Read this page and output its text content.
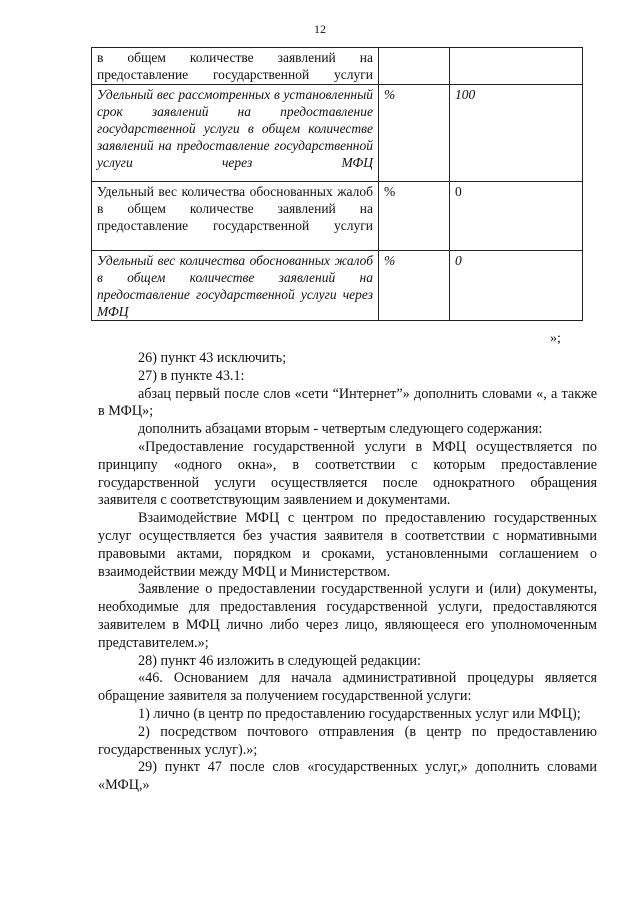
12
в общем количестве заявлений на предоставление государственной услуги		
Удельный вес рассмотренных в установленный срок заявлений на предоставление государственной услуги в общем количестве заявлений на предоставление государственной услуги через МФЦ	%	100
Удельный вес количества обоснованных жалоб в общем количестве заявлений на предоставление государственной услуги	%	0
Удельный вес количества обоснованных жалоб в общем количестве заявлений на предоставление государственной услуги через МФЦ	%	0
»;

26) пункт 43 исключить;

27) в пункте 43.1:

абзац первый после слов «сети “Интернет”» дополнить словами «, а также в МФЦ»;

дополнить абзацами вторым - четвертым следующего содержания:

«Предоставление государственной услуги в МФЦ осуществляется по принципу «одного окна», в соответствии с которым предоставление государственной услуги осуществляется после однократного обращения заявителя с соответствующим заявлением и документами.

Взаимодействие МФЦ с центром по предоставлению государственных услуг осуществляется без участия заявителя в соответствии с нормативными правовыми актами, порядком и сроками, установленными соглашением о взаимодействии между МФЦ и Министерством.

Заявление о предоставлении государственной услуги и (или) документы, необходимые для предоставления государственной услуги, предоставляются заявителем в МФЦ лично либо через лицо, являющееся его уполномоченным представителем.»;

28) пункт 46 изложить в следующей редакции:

«46. Основанием для начала административной процедуры является обращение заявителя за получением государственной услуги:

1) лично (в центр по предоставлению государственных услуг или МФЦ);

2) посредством почтового отправления (в центр по предоставлению государственных услуг).»;

29) пункт 47 после слов «государственных услуг,» дополнить словами «МФЦ,»
